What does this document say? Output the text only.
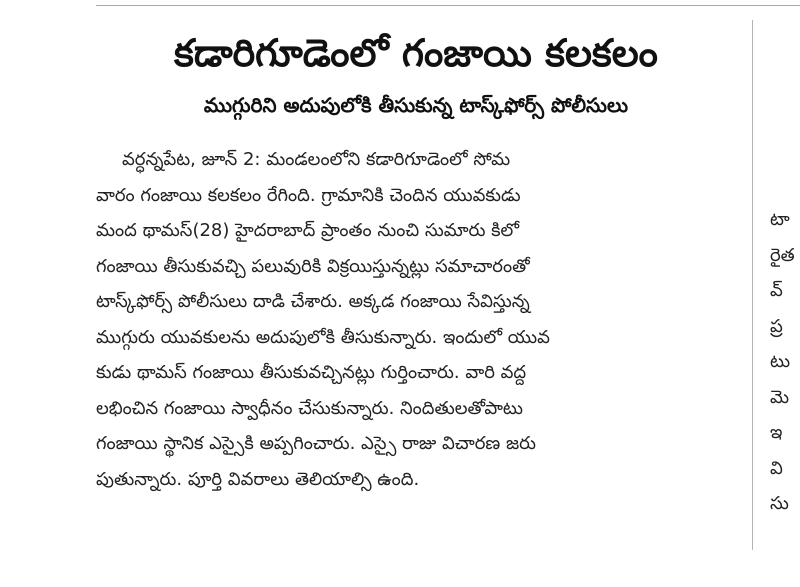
కడారిగూడెంలో గంజాయి కలకలం
ముగ్గురిని అదుపులోకి తీసుకున్న టాస్క్‌ఫోర్స్ పోలీసులు
వర్ధన్నపేట, జూన్ 2: మండలంలోని కడారిగూడెంలో సోమ
వారం గంజాయి కలకలం రేగింది. గ్రామానికి చెందిన యువకుడు
మంద థామస్(28) హైదరాబాద్ ప్రాంతం నుంచి సుమారు కిలో
గంజాయి తీసుకువచ్చి పలువురికి విక్రయిస్తున్నట్లు సమాచారంతో
టాస్క్‌ఫోర్స్ పోలీసులు దాడి చేశారు. అక్కడ గంజాయి సేవిస్తున్న
ముగ్గురు యువకులను అదుపులోకి తీసుకున్నారు. ఇందులో యువ
కుడు థామస్ గంజాయి తీసుకువచ్చినట్లు గుర్తించారు. వారి వద్ద
లభించిన గంజాయి స్వాధీనం చేసుకున్నారు. నిందితులతోపాటు
గంజాయి స్థానిక ఎస్సైకి అప్పగించారు. ఎస్సై రాజు విచారణ జరు
పుతున్నారు. పూర్తి వివరాలు తెలియాల్సి ఉంది.
టా
రైత
వ్
ప్ర
టు
మె
ఇ
వి
సు
